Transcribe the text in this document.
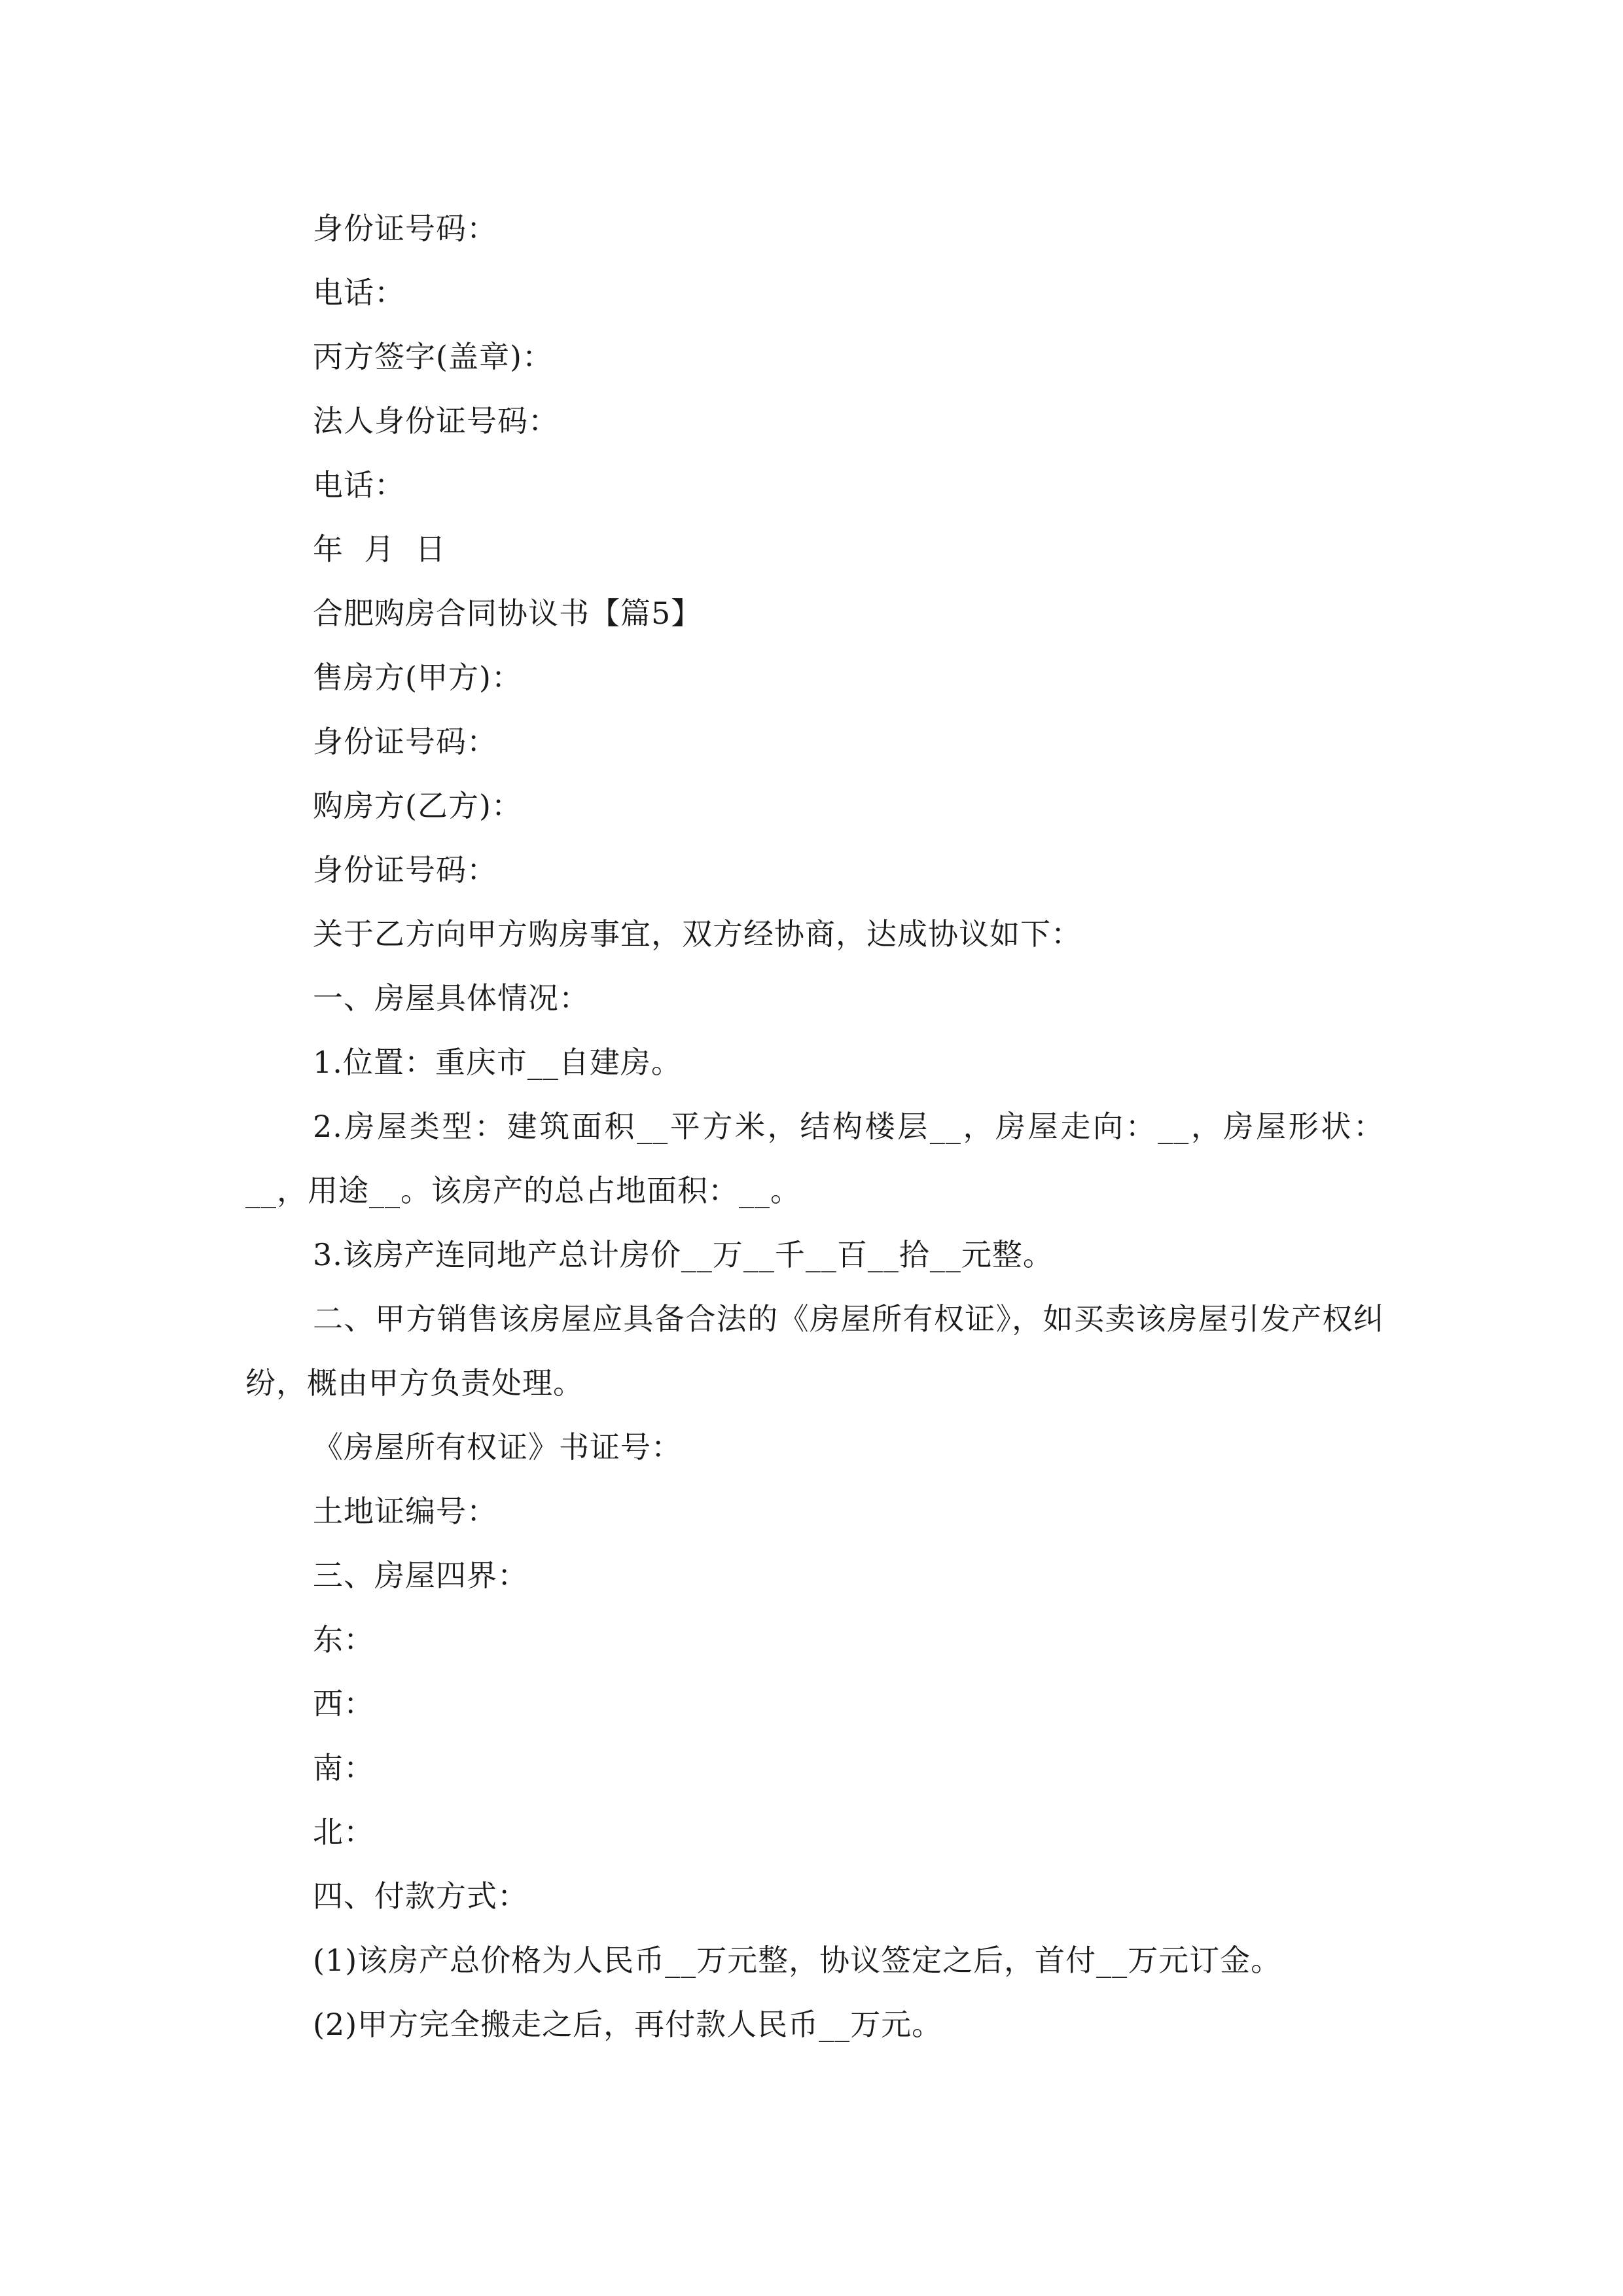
身份证号码：
电话：
丙方签字(盖章)：
法人身份证号码：
电话：
年  月  日
合肥购房合同协议书【篇5】
售房方(甲方)：
身份证号码：
购房方(乙方)：
身份证号码：
关于乙方向甲方购房事宜，双方经协商，达成协议如下：
一、房屋具体情况：
1.位置：重庆市__自建房。
2.房屋类型：建筑面积__平方米，结构楼层__，房屋走向：__，房屋形状：__，用途__。该房产的总占地面积：__。
3.该房产连同地产总计房价__万__千__百__拾__元整。
二、甲方销售该房屋应具备合法的《房屋所有权证》，如买卖该房屋引发产权纠纷，概由甲方负责处理。
《房屋所有权证》书证号：
土地证编号：
三、房屋四界：
东：
西：
南：
北：
四、付款方式：
(1)该房产总价格为人民币__万元整，协议签定之后，首付__万元订金。
(2)甲方完全搬走之后，再付款人民币__万元。
